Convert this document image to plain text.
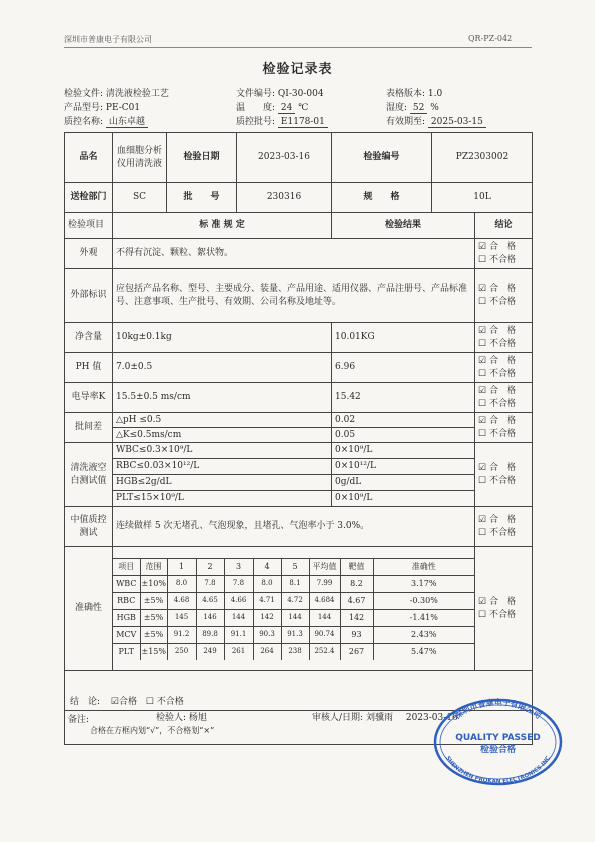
深圳市普康电子有限公司	QR-PZ-042
检验记录表
检验文件: 清洗液检验工艺	文件编号: QI-30-004	表格版本: 1.0
产品型号: PE-C01	温　　度: 24 ℃	湿度: 52 %
质控名称: 山东卓越	质控批号: E1178-01	有效期至: 2025-03-15
品名	血细胞分析仪用清洗液	检验日期	2023-03-16	检验编号	PZ2303002
送检部门	SC	批　　号	230316	规　　格	10L
检验项目	标 准 规 定	检验结果	结论
外观	不得有沉淀、颗粒、絮状物。	
☑ 合　格
☐ 不合格

外部标识	应包括产品名称、型号、主要成分、装量、产品用途、适用仪器、产品注册号、产品标准号、注意事项、生产批号、有效期、公司名称及地址等。	
☑ 合　格
☐ 不合格

净含量	10kg±0.1kg	10.01KG	
☑ 合　格
☐ 不合格

PH 值	7.0±0.5	6.96	
☑ 合　格
☐ 不合格

电导率K	15.5±0.5 ms/cm	15.42	
☑ 合　格
☐ 不合格

批间差	△pH ≤0.5	0.02	☑ 合　格
☐ 不合格

△K≤0.5ms/cm	0.05
清洗液空白测试值	WBC≤0.3×10⁹/L	0×10⁹/L	
☑ 合　格
☐ 不合格

RBC≤0.03×10¹²/L	0×10¹²/L
HGB≤2g/dL	0g/dL
PLT≤15×10⁹/L	0×10⁹/L
中值质控测试	连续做样 5 次无堵孔、气泡现象，且堵孔、气泡率小于 3.0%。	
☑ 合　格
☐ 不合格

准确性	
项目	范围	1	2	3	4	5	平均值	靶值	准确性
WBC	±10%	8.0	7.8	7.8	8.0	8.1	7.99	8.2	3.17%
RBC	±5%	4.68	4.65	4.66	4.71	4.72	4.684	4.67	-0.30%
HGB	±5%	145	146	144	142	144	144	142	-1.41%
MCV	±5%	91.2	89.8	91.1	90.3	91.3	90.74	93	2.43%
PLT	±15%	250	249	261	264	238	252.4	267	5.47%

☑ 合　格
☐ 不合格

备注:
合格在方框内划“√”，不合格划“×”
结　论: ☑合格 ☐ 不合格
检验人: 杨旭	审核人/日期: 刘骥雨 2023-03-16
深圳市普康电子有限公司
QUALITY PASSED
检验合格
SHENZHEN PROKAN ELECTRONICS INC
